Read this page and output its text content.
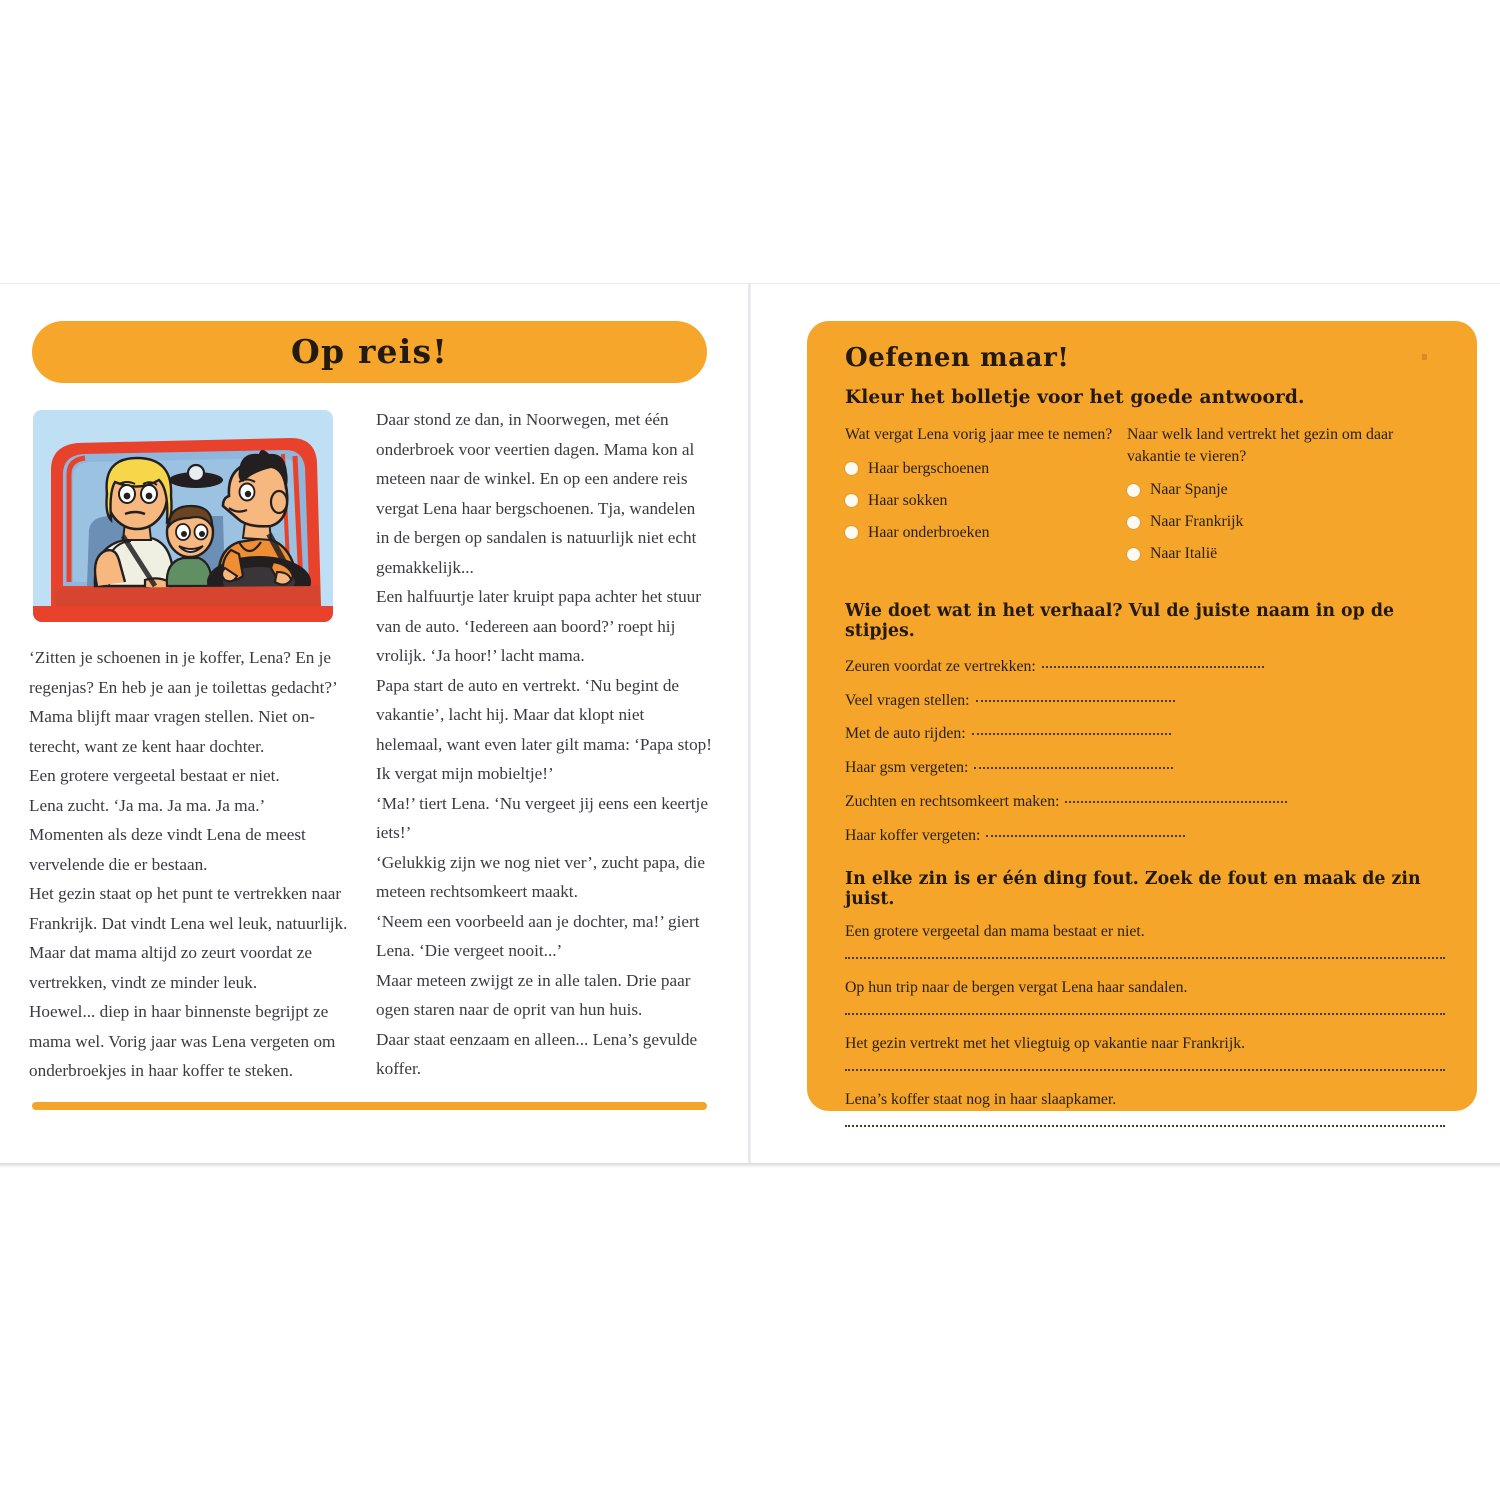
Op reis!

Daar stond ze dan, in Noorwegen, met één onderbroek voor veertien dagen. Mama kon al meteen naar de winkel. En op een andere reis vergat Lena haar bergschoenen. Tja, wandelen in de bergen op sandalen is natuurlijk niet echt gemakkelijk...

Een halfuurtje later kruipt papa achter het stuur van de auto. ‘Iedereen aan boord?’ roept hij vrolijk. ‘Ja hoor!’ lacht mama.

Papa start de auto en vertrekt. ‘Nu begint de vakantie’, lacht hij. Maar dat klopt niet helemaal, want even later gilt mama: ‘Papa stop! Ik vergat mijn mobieltje!’

‘Ma!’ tiert Lena. ‘Nu vergeet jij eens een keertje iets!’

‘Gelukkig zijn we nog niet ver’, zucht papa, die meteen rechtsomkeert maakt.

‘Neem een voorbeeld aan je dochter, ma!’ giert Lena. ‘Die vergeet nooit...’

Maar meteen zwijgt ze in alle talen. Drie paar ogen staren naar de oprit van hun huis.

Daar staat eenzaam en alleen... Lena’s gevulde koffer.

‘Zitten je schoenen in je koffer, Lena? En je regenjas? En heb je aan je toilettas gedacht?’

Mama blijft maar vragen stellen. Niet on-terecht, want ze kent haar dochter.

Een grotere vergeetal bestaat er niet.

Lena zucht. ‘Ja ma. Ja ma. Ja ma.’

Momenten als deze vindt Lena de meest vervelende die er bestaan.

Het gezin staat op het punt te vertrekken naar Frankrijk. Dat vindt Lena wel leuk, natuurlijk. Maar dat mama altijd zo zeurt voordat ze vertrekken, vindt ze minder leuk.

Hoewel... diep in haar binnenste begrijpt ze mama wel. Vorig jaar was Lena vergeten om onderbroekjes in haar koffer te steken.

Oefenen maar!
Kleur het bolletje voor het goede antwoord.

Wat vergat Lena vorig jaar mee te nemen?

Haar bergschoenen
Haar sokken
Haar onderbroeken

Naar welk land vertrekt het gezin om daar vakantie te vieren?

Naar Spanje
Naar Frankrijk
Naar Italië
Wie doet wat in het verhaal? Vul de juiste naam in op de stipjes.
Zeuren voordat ze vertrekken:
Veel vragen stellen:
Met de auto rijden:
Haar gsm vergeten:
Zuchten en rechtsomkeert maken:
Haar koffer vergeten:
In elke zin is er één ding fout. Zoek de fout en maak de zin juist.

Een grotere vergeetal dan mama bestaat er niet.

Op hun trip naar de bergen vergat Lena haar sandalen.

Het gezin vertrekt met het vliegtuig op vakantie naar Frankrijk.

Lena’s koffer staat nog in haar slaapkamer.
